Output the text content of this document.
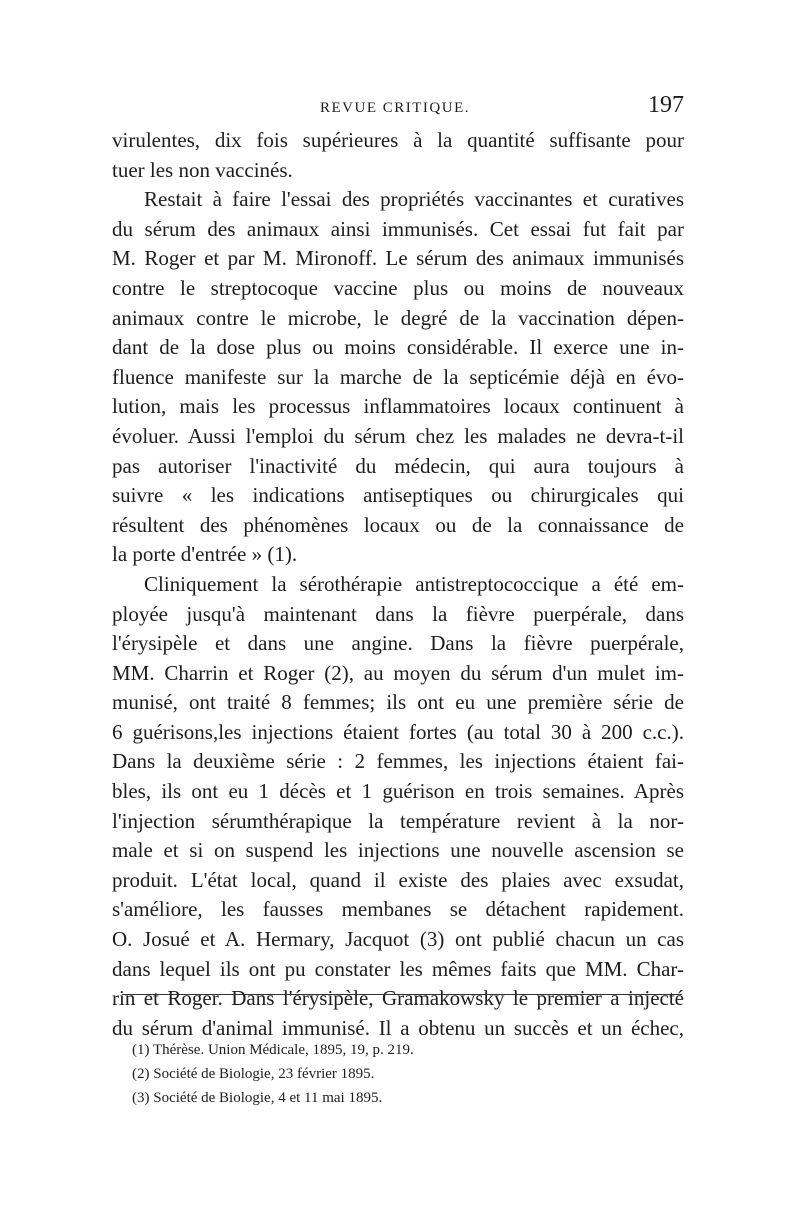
REVUE CRITIQUE.	197
virulentes, dix fois supérieures à la quantité suffisante pour
tuer les non vaccinés.
Restait à faire l'essai des propriétés vaccinantes et curatives
du sérum des animaux ainsi immunisés. Cet essai fut fait par
M. Roger et par M. Mironoff. Le sérum des animaux immunisés
contre le streptocoque vaccine plus ou moins de nouveaux
animaux contre le microbe, le degré de la vaccination dépen-
dant de la dose plus ou moins considérable. Il exerce une in-
fluence manifeste sur la marche de la septicémie déjà en évo-
lution, mais les processus inflammatoires locaux continuent à
évoluer. Aussi l'emploi du sérum chez les malades ne devra-t-il
pas autoriser l'inactivité du médecin, qui aura toujours à
suivre « les indications antiseptiques ou chirurgicales qui
résultent des phénomènes locaux ou de la connaissance de
la porte d'entrée » (1).
Cliniquement la sérothérapie antistreptococcique a été em-
ployée jusqu'à maintenant dans la fièvre puerpérale, dans
l'érysipèle et dans une angine. Dans la fièvre puerpérale,
MM. Charrin et Roger (2), au moyen du sérum d'un mulet im-
munisé, ont traité 8 femmes; ils ont eu une première série de
6 guérisons,les injections étaient fortes (au total 30 à 200 c.c.).
Dans la deuxième série : 2 femmes, les injections étaient fai-
bles, ils ont eu 1 décès et 1 guérison en trois semaines. Après
l'injection sérumthérapique la température revient à la nor-
male et si on suspend les injections une nouvelle ascension se
produit. L'état local, quand il existe des plaies avec exsudat,
s'améliore, les fausses membanes se détachent rapidement.
O. Josué et A. Hermary, Jacquot (3) ont publié chacun un cas
dans lequel ils ont pu constater les mêmes faits que MM. Char-
rin et Roger. Dans l'érysipèle, Gramakowsky le premier a injecté
du sérum d'animal immunisé. Il a obtenu un succès et un échec,
(1) Thérèse. Union Médicale, 1895, 19, p. 219.
(2) Société de Biologie, 23 février 1895.
(3) Société de Biologie, 4 et 11 mai 1895.
